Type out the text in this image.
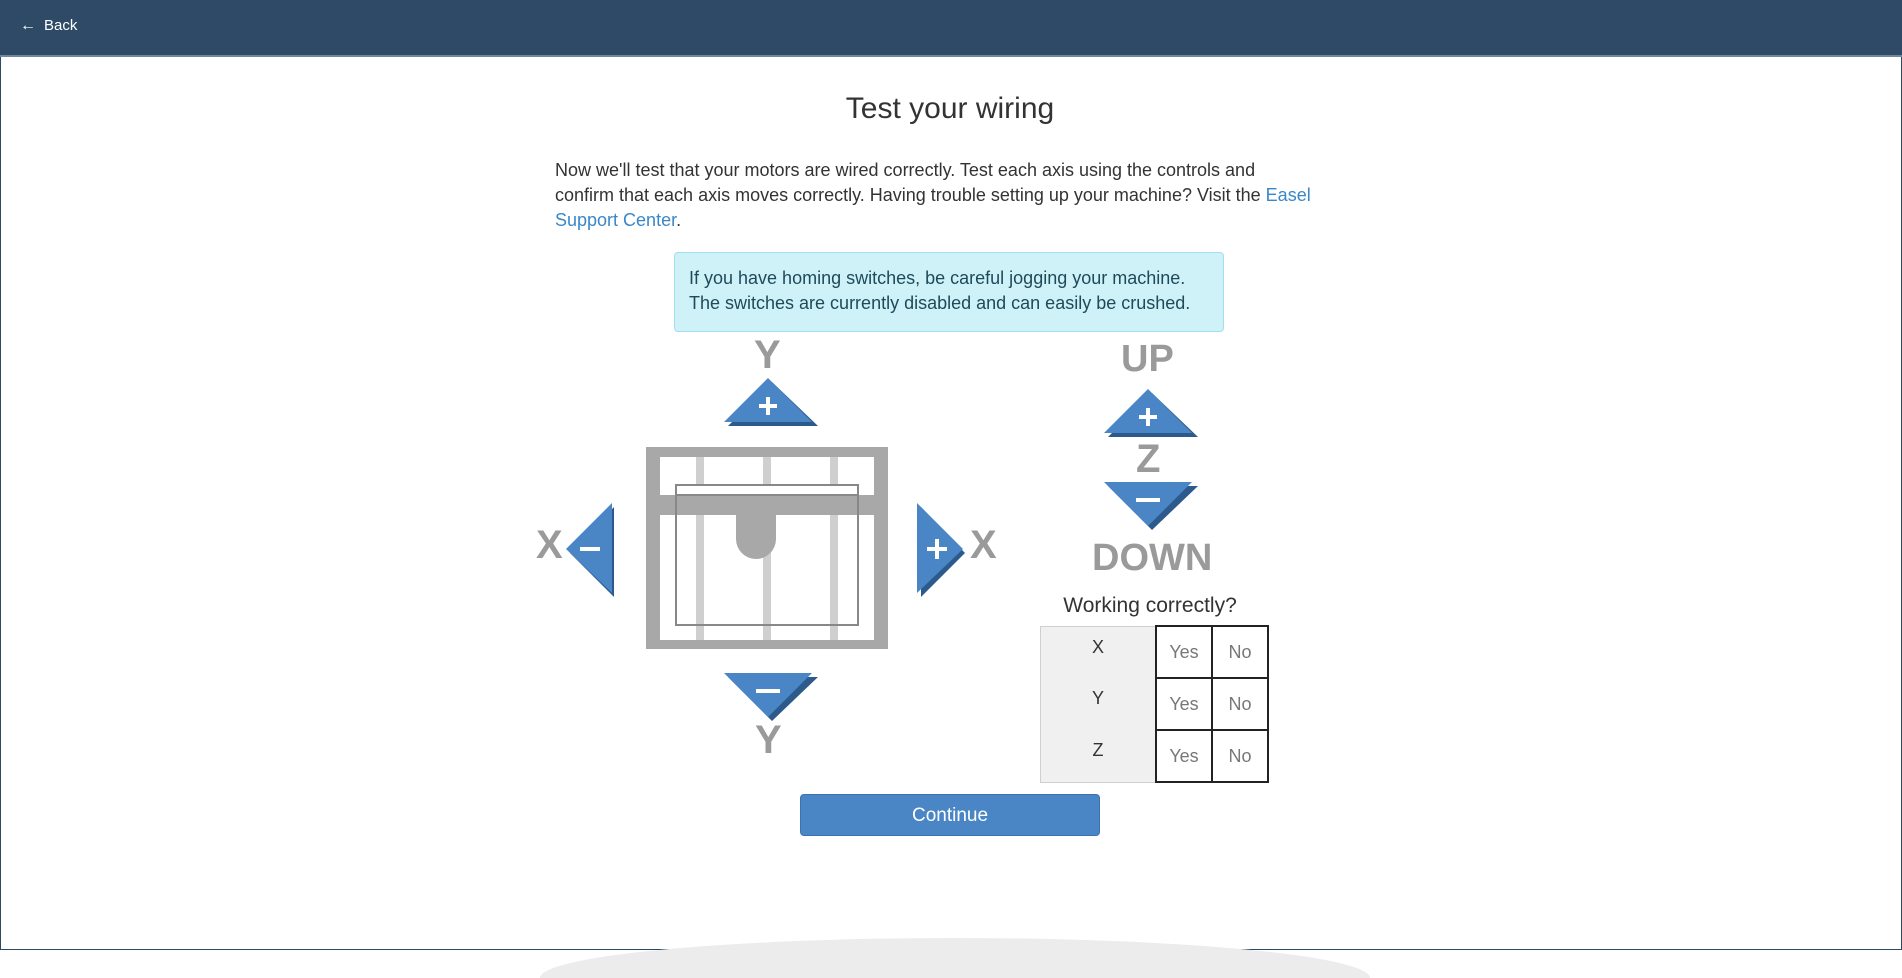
← Back
Test your wiring
Now we'll test that your motors are wired correctly. Test each axis using the controls and confirm that each axis moves correctly. Having trouble setting up your machine? Visit the Easel Support Center.
If you have homing switches, be careful jogging your machine. The switches are currently disabled and can easily be crushed.
Y
X	X
Y
UP
Z
DOWN
Working correctly?
X	Yes	No
Y	Yes	No
Z	Yes	No
Continue
